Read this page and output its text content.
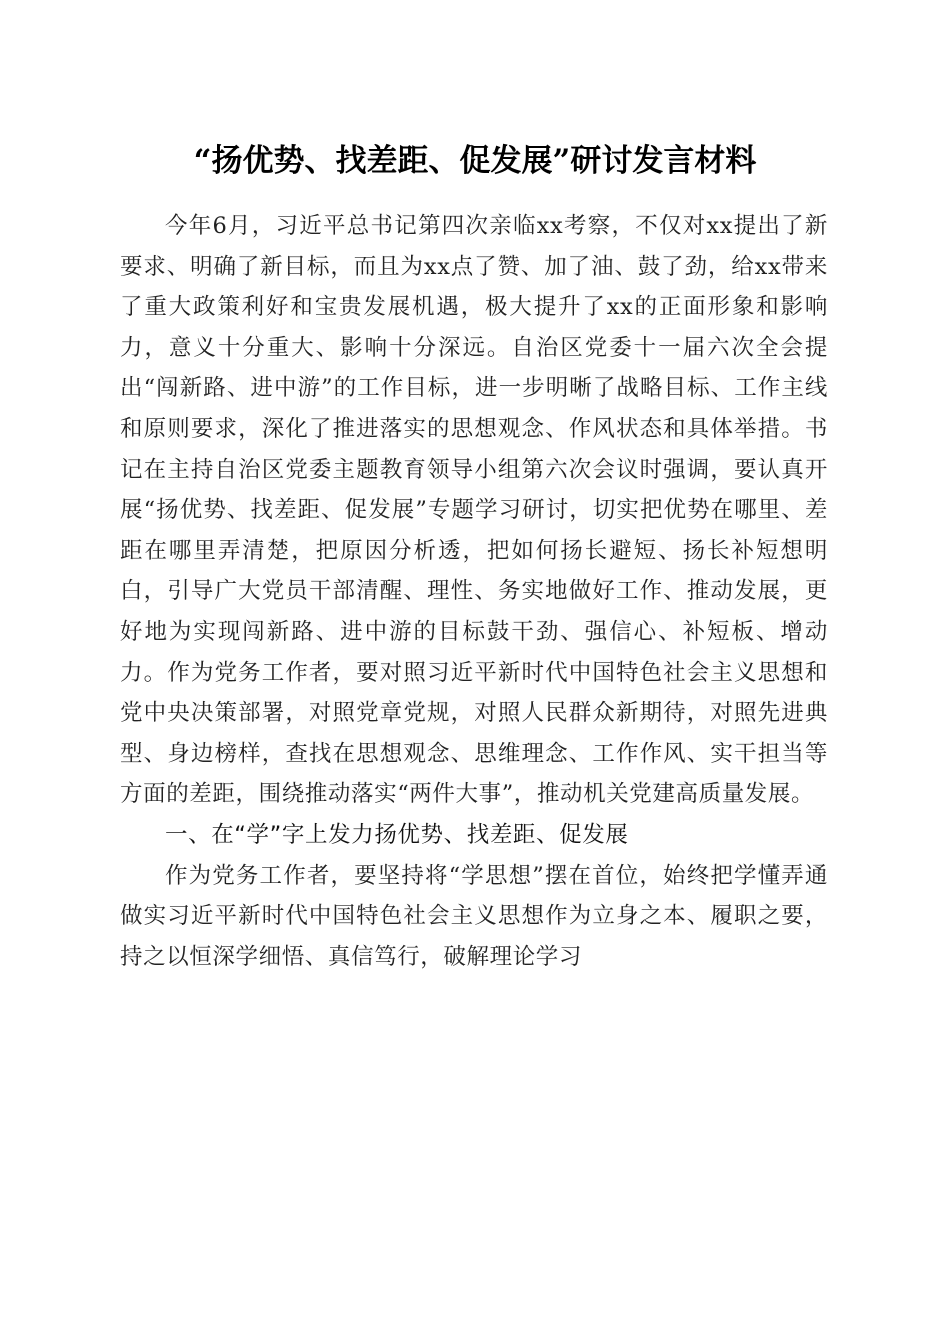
“扬优势、找差距、促发展”研讨发言材料

今年6月，习近平总书记第四次亲临xx考察，不仅对xx提出了新要求、明确了新目标，而且为xx点了赞、加了油、鼓了劲，给xx带来了重大政策利好和宝贵发展机遇，极大提升了xx的正面形象和影响力，意义十分重大、影响十分深远。自治区党委十一届六次全会提出“闯新路、进中游”的工作目标，进一步明晰了战略目标、工作主线和原则要求，深化了推进落实的思想观念、作风状态和具体举措。书记在主持自治区党委主题教育领导小组第六次会议时强调，要认真开展“扬优势、找差距、促发展”专题学习研讨，切实把优势在哪里、差距在哪里弄清楚，把原因分析透，把如何扬长避短、扬长补短想明白，引导广大党员干部清醒、理性、务实地做好工作、推动发展，更好地为实现闯新路、进中游的目标鼓干劲、强信心、补短板、增动力。作为党务工作者，要对照习近平新时代中国特色社会主义思想和党中央决策部署，对照党章党规，对照人民群众新期待，对照先进典型、身边榜样，查找在思想观念、思维理念、工作作风、实干担当等方面的差距，围绕推动落实“两件大事”，推动机关党建高质量发展。

一、在“学”字上发力扬优势、找差距、促发展

作为党务工作者，要坚持将“学思想”摆在首位，始终把学懂弄通做实习近平新时代中国特色社会主义思想作为立身之本、履职之要，持之以恒深学细悟、真信笃行，破解理论学习
